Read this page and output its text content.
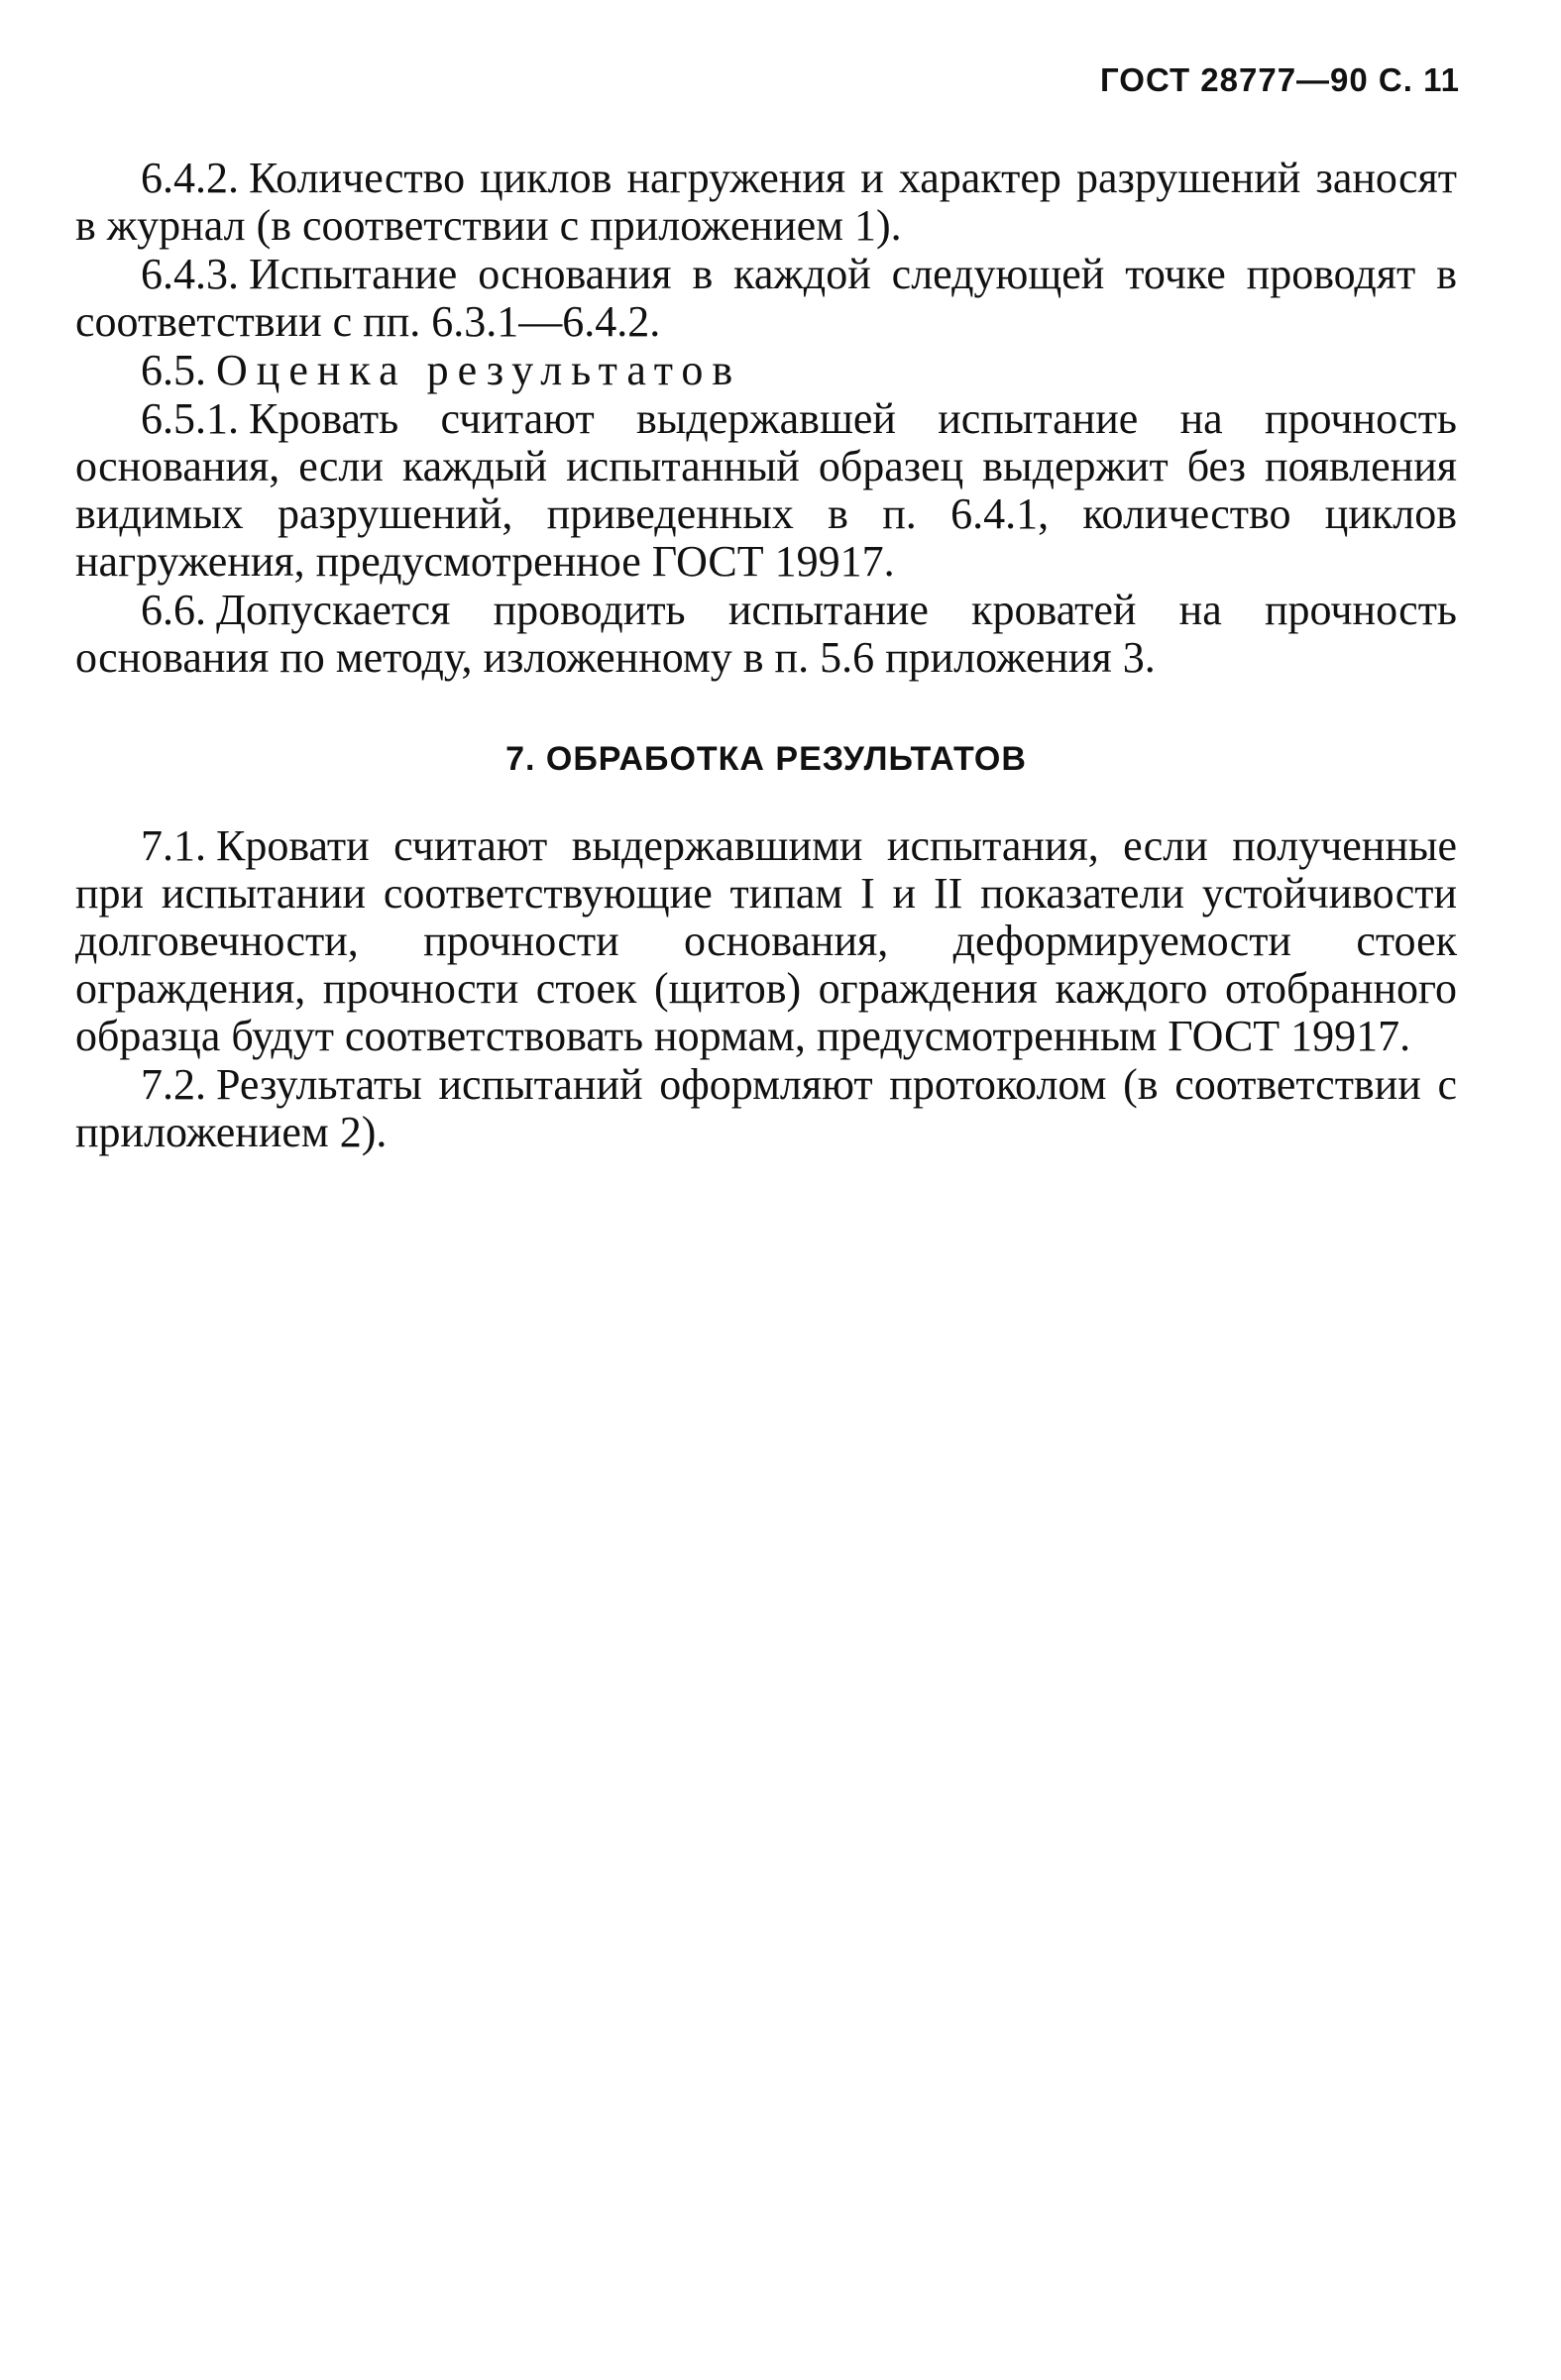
ГОСТ 28777—90 С. 11

6.4.2. Количество циклов нагружения и характер разрушений заносят в журнал (в соответствии с приложением 1).

6.4.3. Испытание основания в каждой следующей точке проводят в соответствии с пп. 6.3.1—6.4.2.

6.5. Оценка результатов

6.5.1. Кровать считают выдержавшей испытание на прочность основания, если каждый испытанный образец выдержит без появления видимых разрушений, приведенных в п. 6.4.1, количество циклов нагружения, предусмотренное ГОСТ 19917.

6.6. Допускается проводить испытание кроватей на прочность основания по методу, изложенному в п. 5.6 приложения 3.

7. ОБРАБОТКА РЕЗУЛЬТАТОВ

7.1. Кровати считают выдержавшими испытания, если полученные при испытании соответствующие типам I и II показатели устойчивости долговечности, прочности основания, деформируемости стоек ограждения, прочности стоек (щитов) ограждения каждого отобранного образца будут соответствовать нормам, предусмотренным ГОСТ 19917.

7.2. Результаты испытаний оформляют протоколом (в соответствии с приложением 2).
